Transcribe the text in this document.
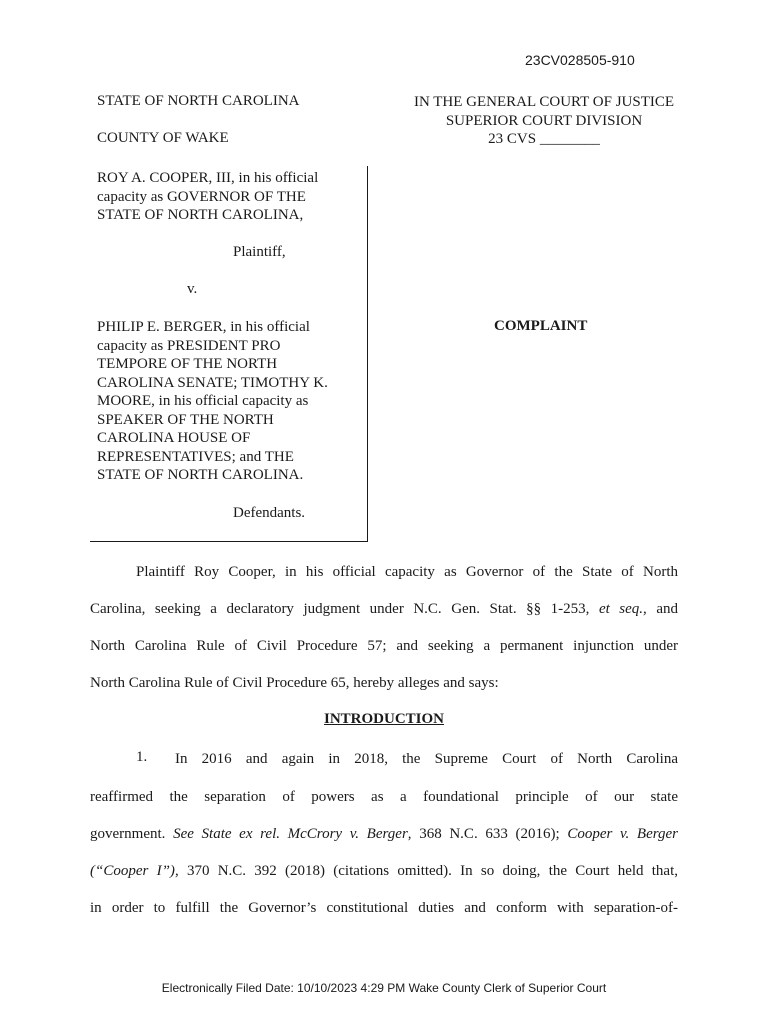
23CV028505-910
STATE OF NORTH CAROLINA
COUNTY OF WAKE
IN THE GENERAL COURT OF JUSTICE
SUPERIOR COURT DIVISION
23 CVS ________
ROY A. COOPER, III, in his official
capacity as GOVERNOR OF THE
STATE OF NORTH CAROLINA,
Plaintiff,
v.
PHILIP E. BERGER, in his official
capacity as PRESIDENT PRO
TEMPORE OF THE NORTH
CAROLINA SENATE; TIMOTHY K.
MOORE, in his official capacity as
SPEAKER OF THE NORTH
CAROLINA HOUSE OF
REPRESENTATIVES; and THE
STATE OF NORTH CAROLINA.
Defendants.
COMPLAINT
Plaintiff Roy Cooper, in his official capacity as Governor of the State of North
Carolina, seeking a declaratory judgment under N.C. Gen. Stat. §§ 1-253, et seq., and
North Carolina Rule of Civil Procedure 57; and seeking a permanent injunction under
North Carolina Rule of Civil Procedure 65, hereby alleges and says:
INTRODUCTION
1. In 2016 and again in 2018, the Supreme Court of North Carolina
reaffirmed the separation of powers as a foundational principle of our state
government. See State ex rel. McCrory v. Berger, 368 N.C. 633 (2016); Cooper v. Berger
(“Cooper I”), 370 N.C. 392 (2018) (citations omitted). In so doing, the Court held that,
in order to fulfill the Governor’s constitutional duties and conform with separation-of-
Electronically Filed Date: 10/10/2023 4:29 PM Wake County Clerk of Superior Court
